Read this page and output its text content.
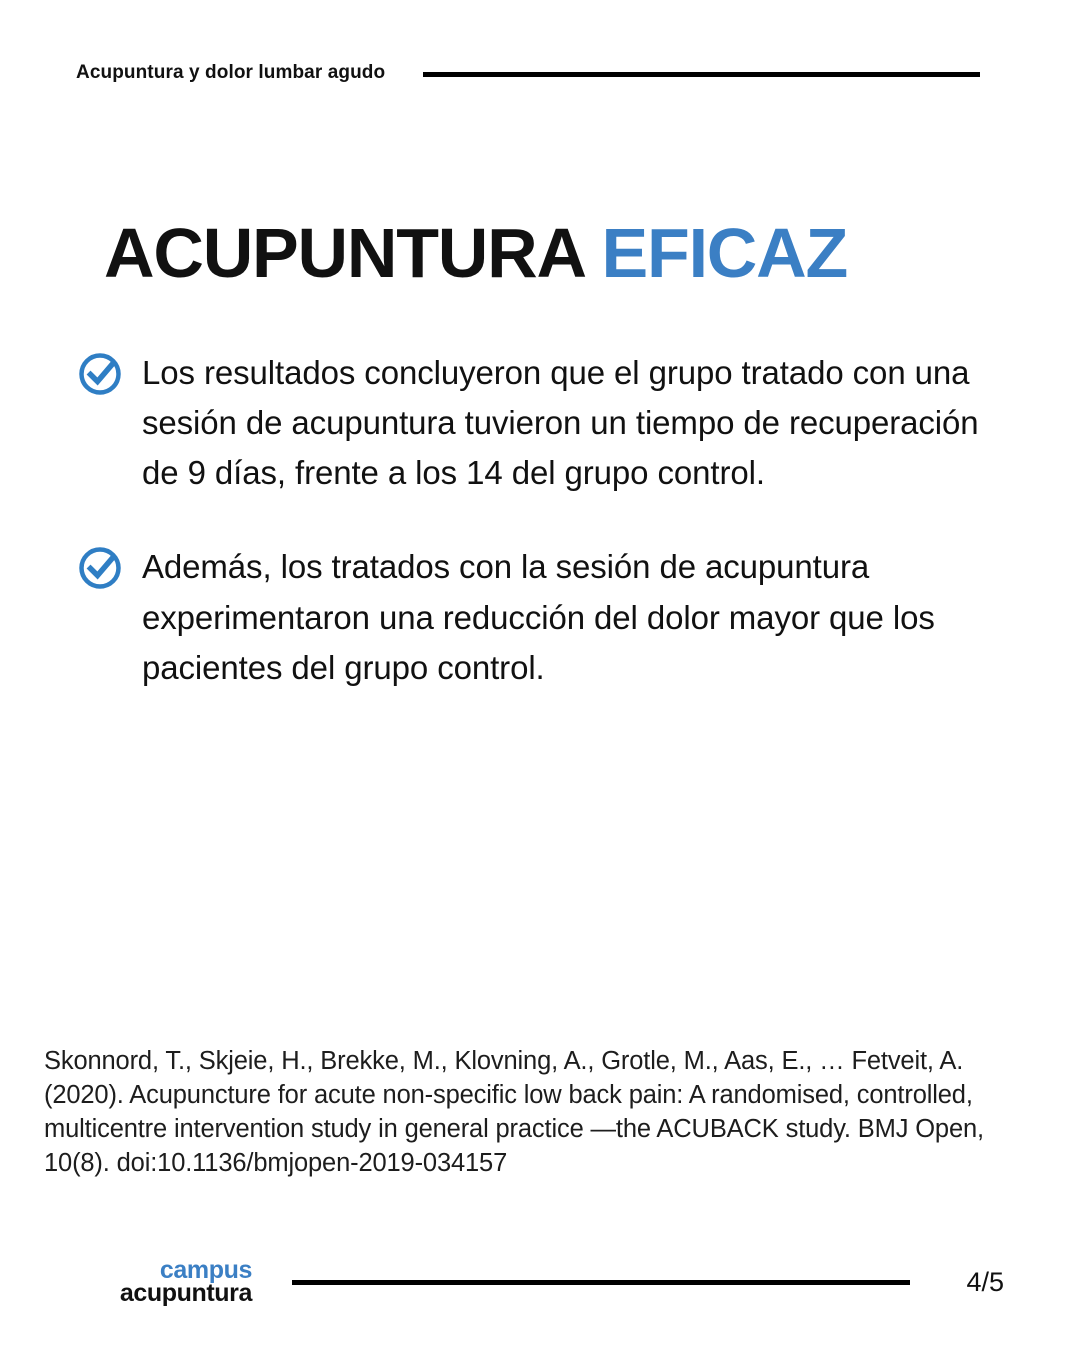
Acupuntura y dolor lumbar agudo
ACUPUNTURA EFICAZ
Los resultados concluyeron que el grupo tratado con una sesión de acupuntura tuvieron un tiempo de recuperación de 9 días, frente a los 14 del grupo control.
Además, los tratados con la sesión de acupuntura experimentaron una reducción del dolor mayor que los pacientes del grupo control.
Skonnord, T., Skjeie, H., Brekke, M., Klovning, A., Grotle, M., Aas, E., … Fetveit, A. (2020). Acupuncture for acute non-specific low back pain: A randomised, controlled, multicentre intervention study in general practice —the ACUBACK study. BMJ Open, 10(8). doi:10.1136/bmjopen-2019-034157
campus
acupuntura	4/5
